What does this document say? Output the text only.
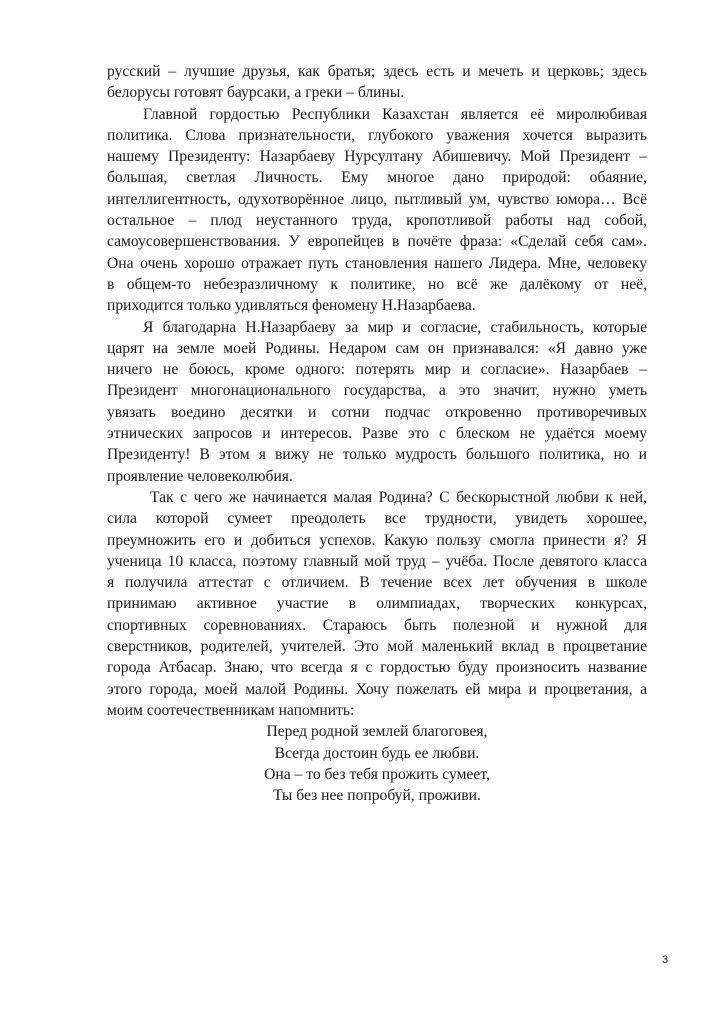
русский – лучшие друзья, как братья; здесь есть и мечеть и церковь; здесь
белорусы готовят баурсаки, а греки – блины.
Главной гордостью Республики Казахстан является её миролюбивая
политика. Слова признательности, глубокого уважения хочется выразить
нашему Президенту: Назарбаеву Нурсултану Абишевичу. Мой Президент –
большая, светлая Личность. Ему многое дано природой: обаяние,
интеллигентность, одухотворённое лицо, пытливый ум, чувство юмора… Всё
остальное – плод неустанного труда, кропотливой работы над собой,
самоусовершенствования. У европейцев в почёте фраза: «Сделай себя сам».
Она очень хорошо отражает путь становления нашего Лидера. Мне, человеку
в общем-то небезразличному к политике, но всё же далёкому от неё,
приходится только удивляться феномену Н.Назарбаева.
Я благодарна Н.Назарбаеву за мир и согласие, стабильность, которые
царят на земле моей Родины. Недаром сам он признавался: «Я давно уже
ничего не боюсь, кроме одного: потерять мир и согласие». Назарбаев –
Президент многонационального государства, а это значит, нужно уметь
увязать воедино десятки и сотни подчас откровенно противоречивых
этнических запросов и интересов. Разве это с блеском не удаётся моему
Президенту! В этом я вижу не только мудрость большого политика, но и
проявление человеколюбия.
Так с чего же начинается малая Родина? С бескорыстной любви к ней,
сила которой сумеет преодолеть все трудности, увидеть хорошее,
преумножить его и добиться успехов. Какую пользу смогла принести я? Я
ученица 10 класса, поэтому главный мой труд – учёба. После девятого класса
я получила аттестат с отличием. В течение всех лет обучения в школе
принимаю активное участие в олимпиадах, творческих конкурсах,
спортивных соревнованиях. Стараюсь быть полезной и нужной для
сверстников, родителей, учителей. Это мой маленький вклад в процветание
города Атбасар. Знаю, что всегда я с гордостью буду произносить название
этого города, моей малой Родины. Хочу пожелать ей мира и процветания, а
моим соотечественникам напомнить:
Перед родной землей благоговея,
Всегда достоин будь ее любви.
Она – то без тебя прожить сумеет,
Ты без нее попробуй, проживи.
3
